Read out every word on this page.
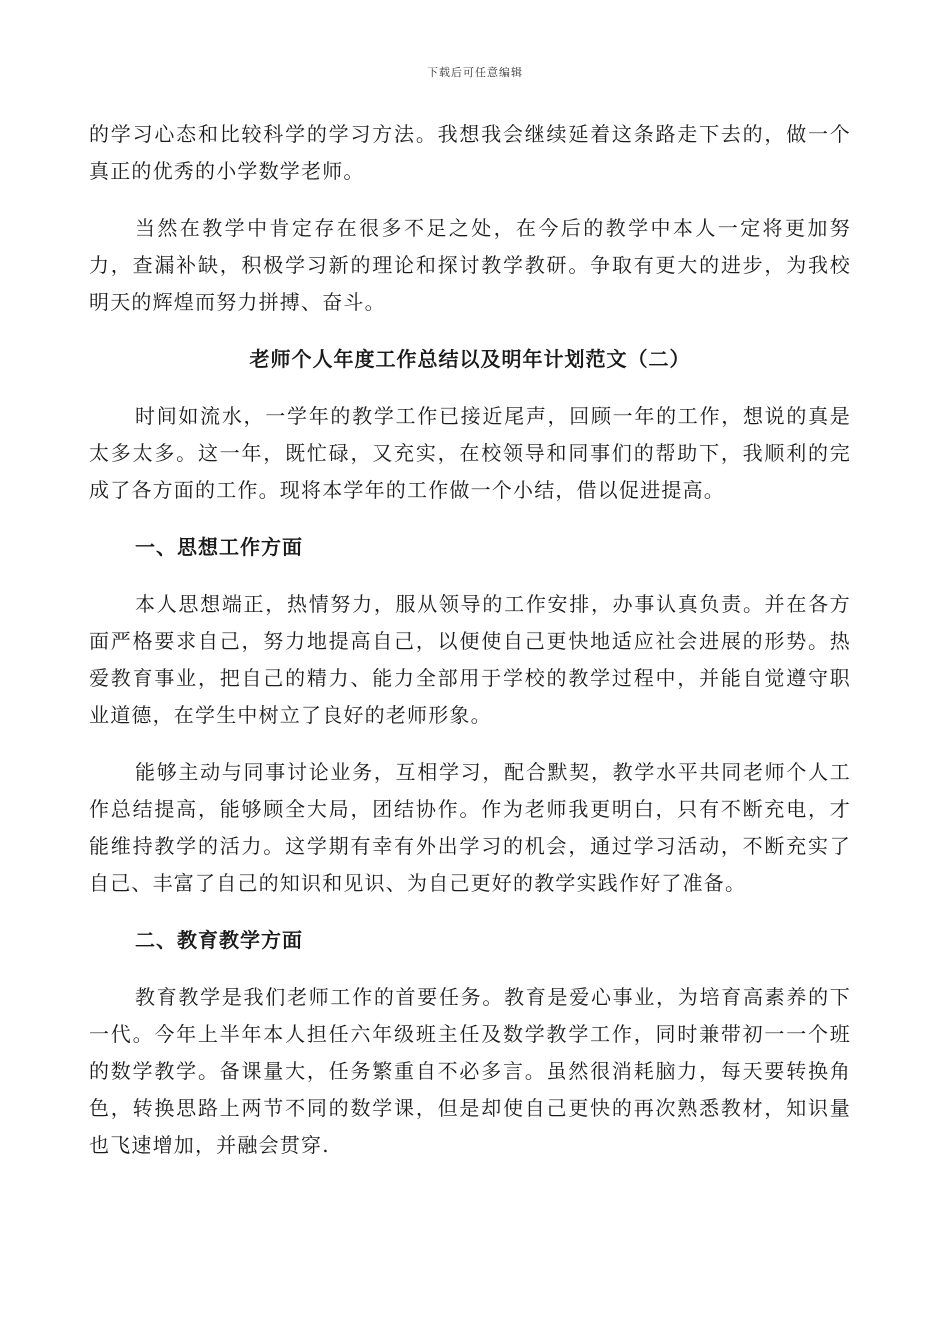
下载后可任意编辑

的学习心态和比较科学的学习方法。我想我会继续延着这条路走下去的，做一个真正的优秀的小学数学老师。

当然在教学中肯定存在很多不足之处，在今后的教学中本人一定将更加努力，查漏补缺，积极学习新的理论和探讨教学教研。争取有更大的进步，为我校明天的辉煌而努力拼搏、奋斗。

老师个人年度工作总结以及明年计划范文（二）

时间如流水，一学年的教学工作已接近尾声，回顾一年的工作，想说的真是太多太多。这一年，既忙碌，又充实，在校领导和同事们的帮助下，我顺利的完成了各方面的工作。现将本学年的工作做一个小结，借以促进提高。

一、思想工作方面

本人思想端正，热情努力，服从领导的工作安排，办事认真负责。并在各方面严格要求自己，努力地提高自己，以便使自己更快地适应社会进展的形势。热爱教育事业，把自己的精力、能力全部用于学校的教学过程中，并能自觉遵守职业道德，在学生中树立了良好的老师形象。

能够主动与同事讨论业务，互相学习，配合默契，教学水平共同老师个人工作总结提高，能够顾全大局，团结协作。作为老师我更明白，只有不断充电，才能维持教学的活力。这学期有幸有外出学习的机会，通过学习活动，不断充实了自己、丰富了自己的知识和见识、为自己更好的教学实践作好了准备。

二、教育教学方面

教育教学是我们老师工作的首要任务。教育是爱心事业，为培育高素养的下一代。今年上半年本人担任六年级班主任及数学教学工作，同时兼带初一一个班的数学教学。备课量大，任务繁重自不必多言。虽然很消耗脑力，每天要转换角色，转换思路上两节不同的数学课，但是却使自己更快的再次熟悉教材，知识量也飞速增加，并融会贯穿.
